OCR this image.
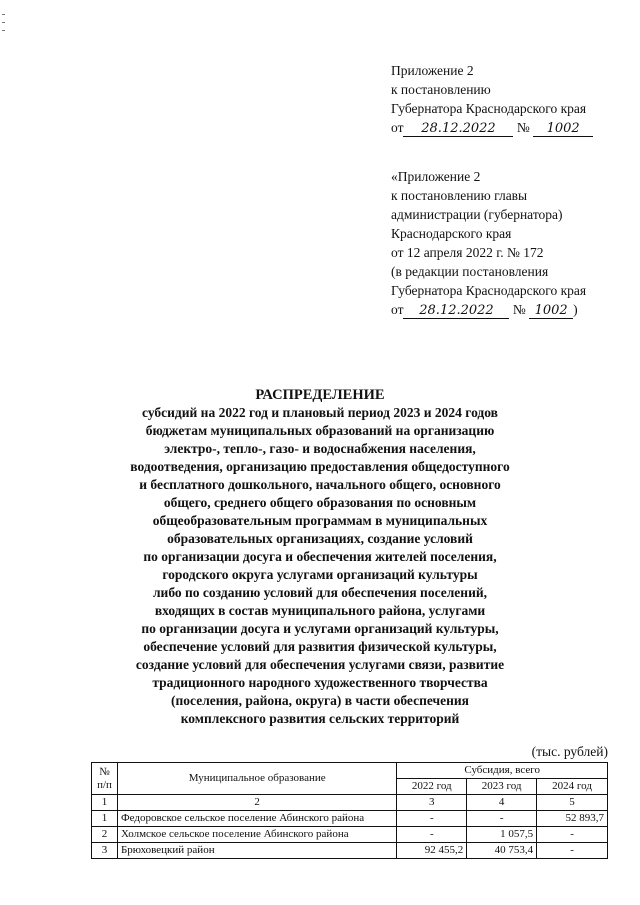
Приложение 2
к постановлению
Губернатора Краснодарского края
от 28.12.2022 № 1002
«Приложение 2
к постановлению главы
администрации (губернатора)
Краснодарского края
от 12 апреля 2022 г. № 172
(в редакции постановления
Губернатора Краснодарского края
от 28.12.2022 № 1002 )
РАСПРЕДЕЛЕНИЕ
субсидий на 2022 год и плановый период 2023 и 2024 годов
бюджетам муниципальных образований на организацию
электро-, тепло-, газо- и водоснабжения населения,
водоотведения, организацию предоставления общедоступного
и бесплатного дошкольного, начального общего, основного
общего, среднего общего образования по основным
общеобразовательным программам в муниципальных
образовательных организациях, создание условий
по организации досуга и обеспечения жителей поселения,
городского округа услугами организаций культуры
либо по созданию условий для обеспечения поселений,
входящих в состав муниципального района, услугами
по организации досуга и услугами организаций культуры,
обеспечение условий для развития физической культуры,
создание условий для обеспечения услугами связи, развитие
традиционного народного художественного творчества
(поселения, района, округа) в части обеспечения
комплексного развития сельских территорий
(тыс. рублей)
№
п/п	Муниципальное образование	Субсидия, всего		
		2022 год	2023 год	2024 год
1	2	3	4	5
1	Федоровское сельское поселение Абинского района	-	-	52 893,7
2	Холмское сельское поселение Абинского района	-	1 057,5	-
3	Брюховецкий район	92 455,2	40 753,4	-
